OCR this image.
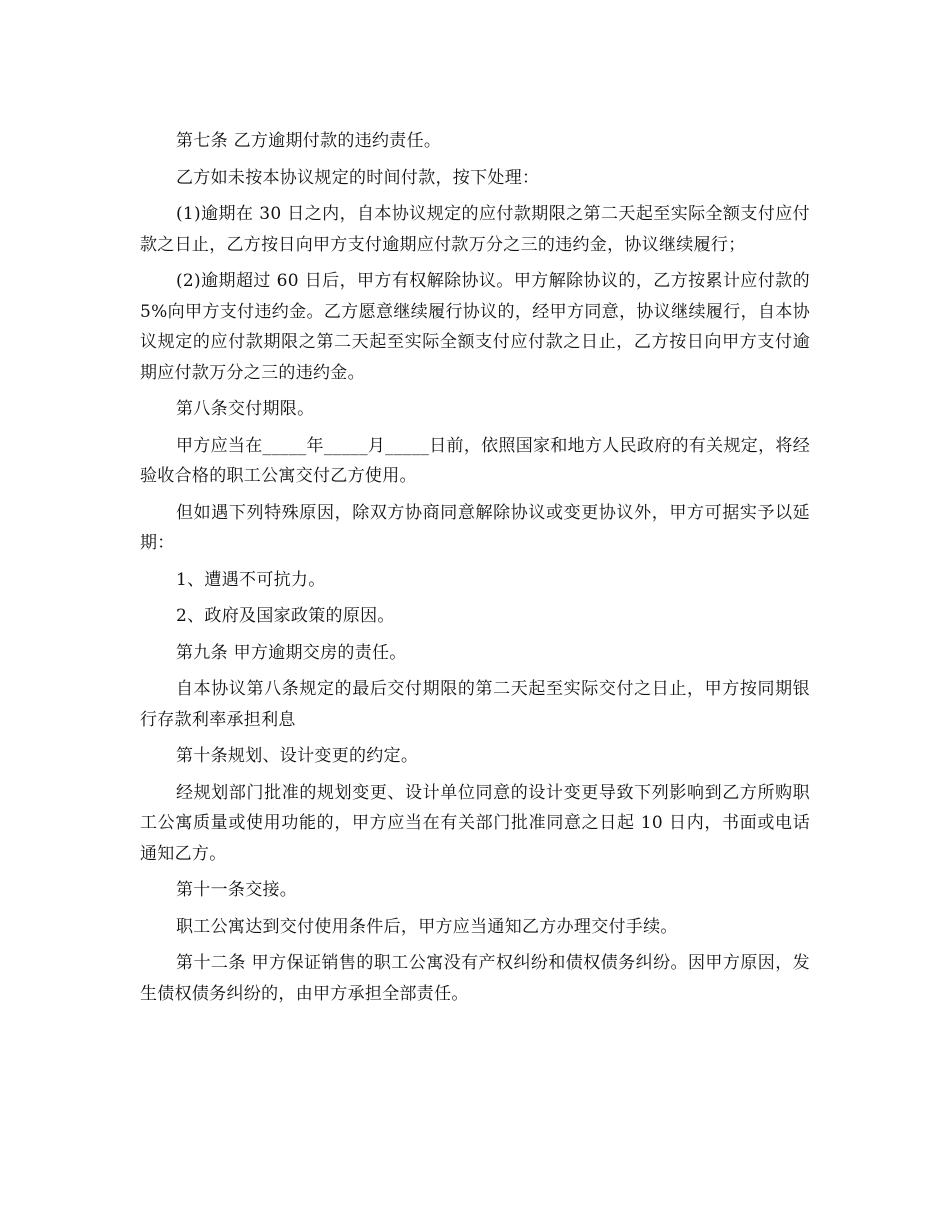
第七条 乙方逾期付款的违约责任。

乙方如未按本协议规定的时间付款，按下处理：

(1)逾期在 30 日之内，自本协议规定的应付款期限之第二天起至实际全额支付应付款之日止，乙方按日向甲方支付逾期应付款万分之三的违约金，协议继续履行；

(2)逾期超过 60 日后，甲方有权解除协议。甲方解除协议的，乙方按累计应付款的 5%向甲方支付违约金。乙方愿意继续履行协议的，经甲方同意，协议继续履行，自本协议规定的应付款期限之第二天起至实际全额支付应付款之日止，乙方按日向甲方支付逾期应付款万分之三的违约金。

第八条交付期限。

甲方应当在_____年_____月_____日前，依照国家和地方人民政府的有关规定，将经验收合格的职工公寓交付乙方使用。

但如遇下列特殊原因，除双方协商同意解除协议或变更协议外，甲方可据实予以延期：

1、遭遇不可抗力。

2、政府及国家政策的原因。

第九条 甲方逾期交房的责任。

自本协议第八条规定的最后交付期限的第二天起至实际交付之日止，甲方按同期银行存款利率承担利息

第十条规划、设计变更的约定。

经规划部门批准的规划变更、设计单位同意的设计变更导致下列影响到乙方所购职工公寓质量或使用功能的，甲方应当在有关部门批准同意之日起 10 日内，书面或电话通知乙方。

第十一条交接。

职工公寓达到交付使用条件后，甲方应当通知乙方办理交付手续。

第十二条 甲方保证销售的职工公寓没有产权纠纷和债权债务纠纷。因甲方原因，发生债权债务纠纷的，由甲方承担全部责任。
